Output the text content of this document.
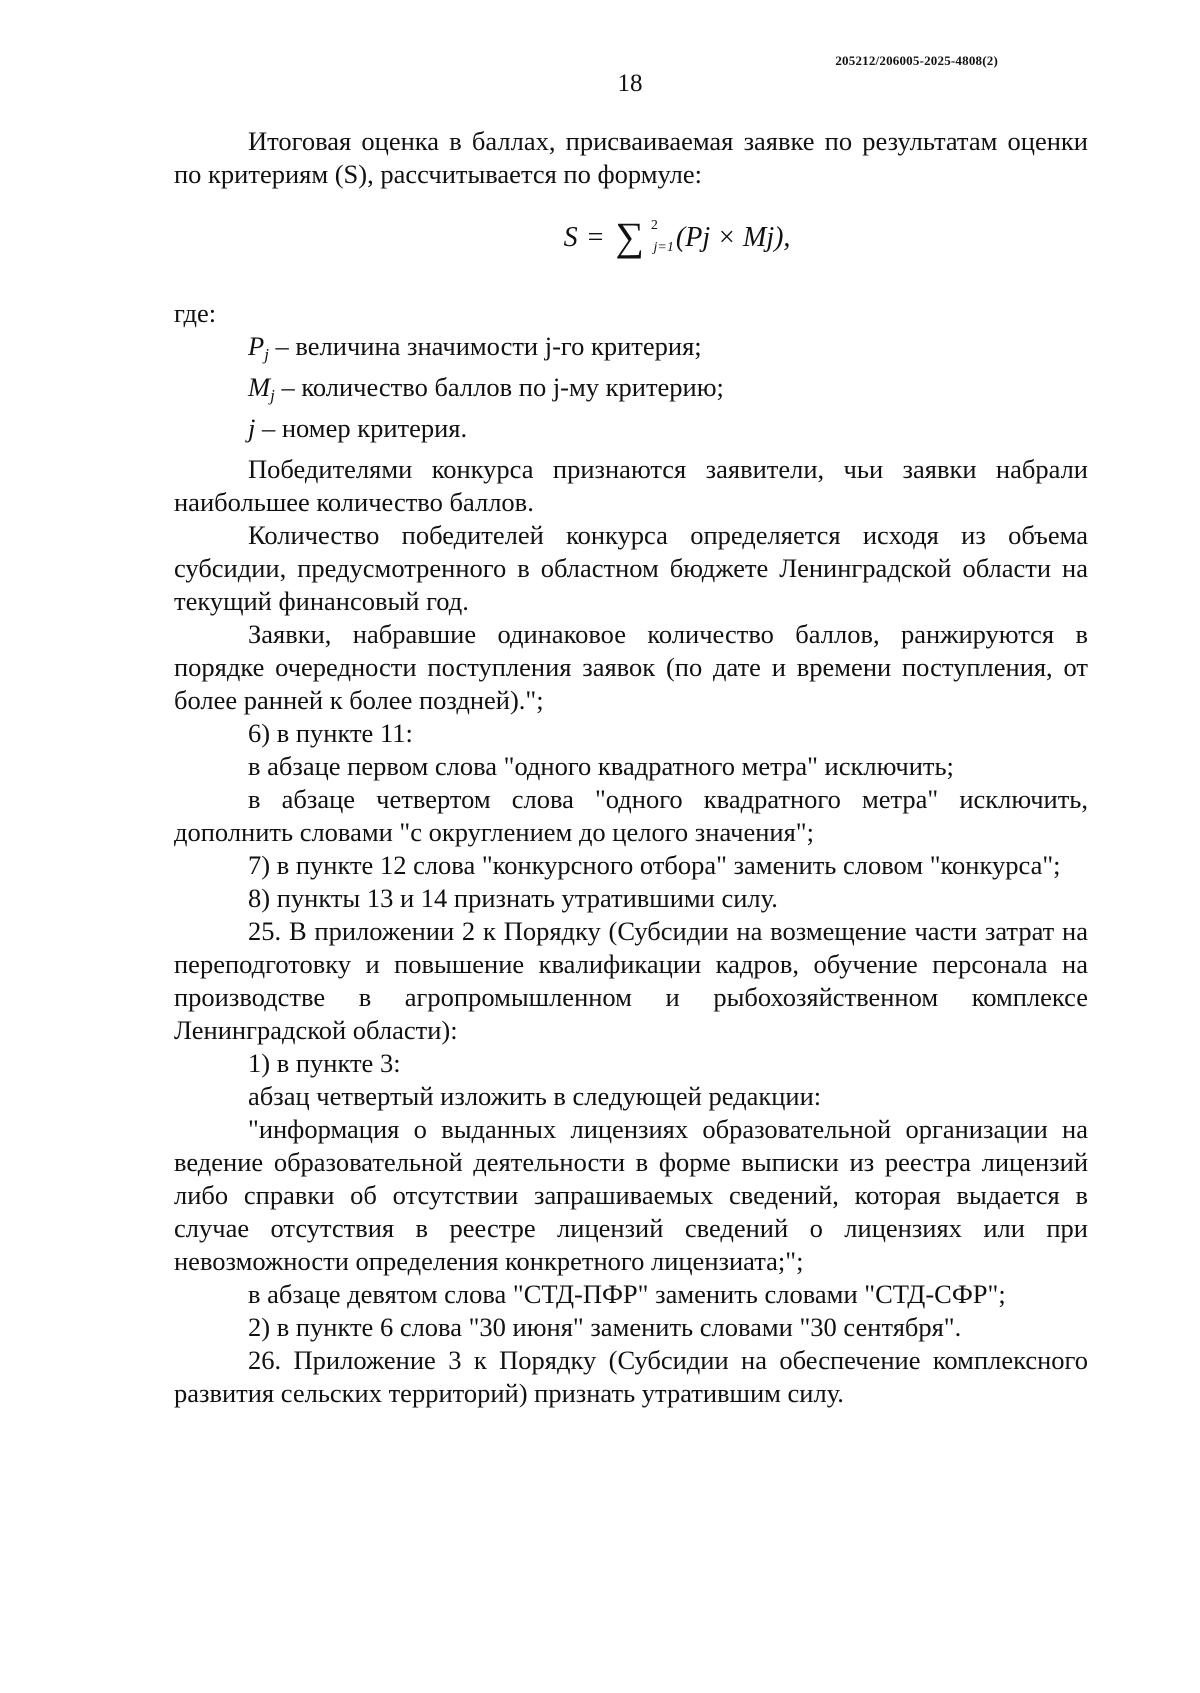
205212/206005-2025-4808(2)
18

Итоговая оценка в баллах, присваиваемая заявке по результатам оценки по критериям (S), рассчитывается по формуле:

S = ∑ 2
j=1 (Pj × Mj),

где:

Pj – величина значимости j-го критерия;

Mj – количество баллов по j-му критерию;

j – номер критерия.

Победителями конкурса признаются заявители, чьи заявки набрали наибольшее количество баллов.

Количество победителей конкурса определяется исходя из объема субсидии, предусмотренного в областном бюджете Ленинградской области на текущий финансовый год.

Заявки, набравшие одинаковое количество баллов, ранжируются в порядке очередности поступления заявок (по дате и времени поступления, от более ранней к более поздней).";

6) в пункте 11:

в абзаце первом слова "одного квадратного метра" исключить;

в абзаце четвертом слова "одного квадратного метра" исключить, дополнить словами "с округлением до целого значения";

7) в пункте 12 слова "конкурсного отбора" заменить словом "конкурса";

8) пункты 13 и 14 признать утратившими силу.

25. В приложении 2 к Порядку (Субсидии на возмещение части затрат на переподготовку и повышение квалификации кадров, обучение персонала на производстве в агропромышленном и рыбохозяйственном комплексе Ленинградской области):

1) в пункте 3:

абзац четвертый изложить в следующей редакции:

"информация о выданных лицензиях образовательной организации на ведение образовательной деятельности в форме выписки из реестра лицензий либо справки об отсутствии запрашиваемых сведений, которая выдается в случае отсутствия в реестре лицензий сведений о лицензиях или при невозможности определения конкретного лицензиата;";

в абзаце девятом слова "СТД-ПФР" заменить словами "СТД-СФР";

2) в пункте 6 слова "30 июня" заменить словами "30 сентября".

26. Приложение 3 к Порядку (Субсидии на обеспечение комплексного развития сельских территорий) признать утратившим силу.
